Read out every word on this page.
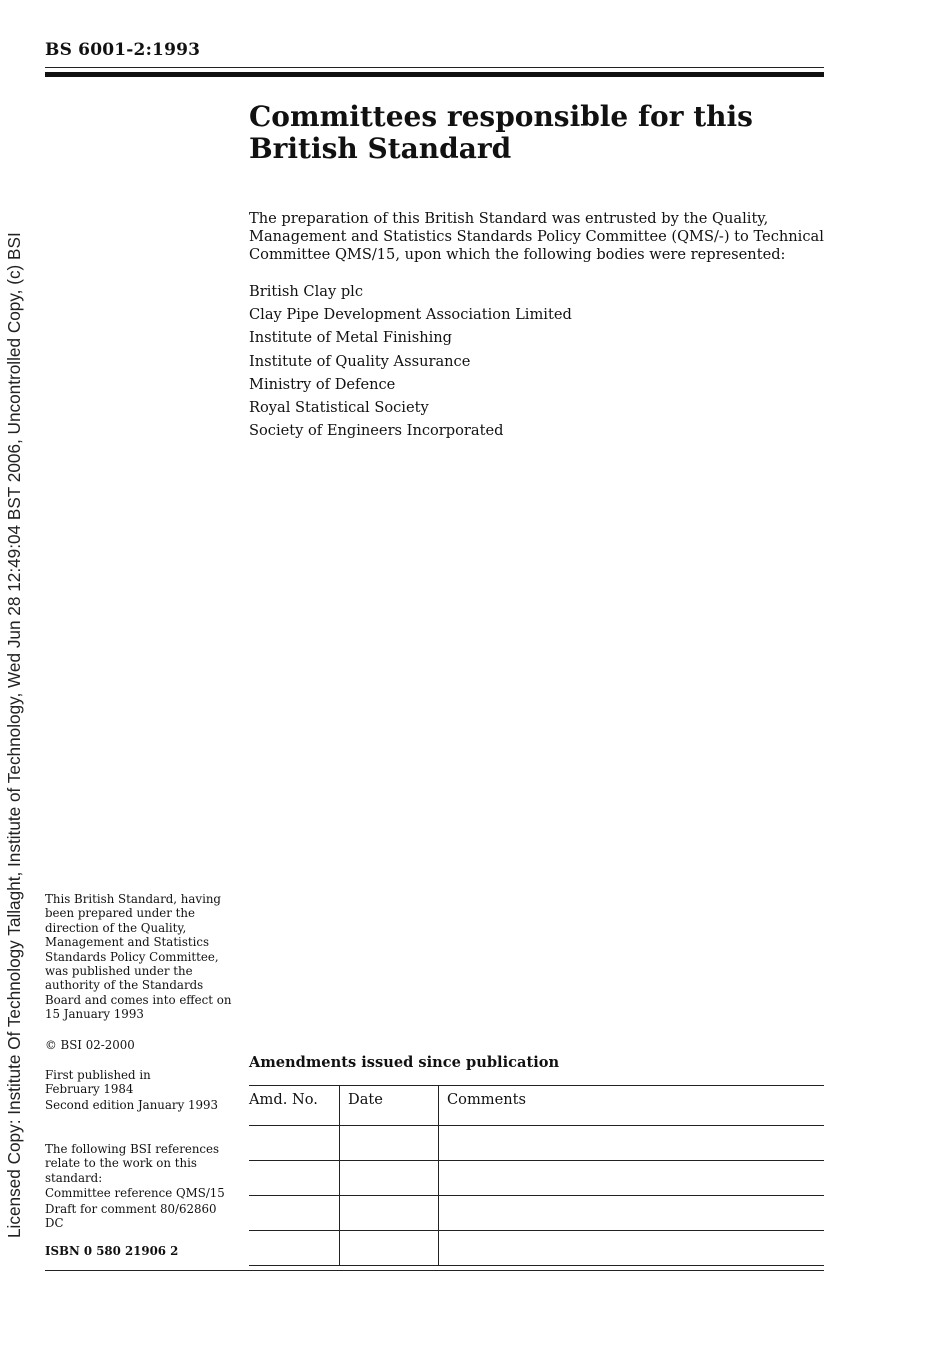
BS 6001-2:1993
Licensed Copy: Institute Of Technology Tallaght, Institute of Technology, Wed Jun 28 12:49:04 BST 2006, Uncontrolled Copy, (c) BSI
Committees responsible for this British Standard

The preparation of this British Standard was entrusted by the Quality, Management and Statistics Standards Policy Committee (QMS/-) to Technical Committee QMS/15, upon which the following bodies were represented:

British Clay plc
Clay Pipe Development Association Limited
Institute of Metal Finishing
Institute of Quality Assurance
Ministry of Defence
Royal Statistical Society
Society of Engineers Incorporated

This British Standard, having been prepared under the direction of the Quality, Management and Statistics Standards Policy Committee, was published under the authority of the Standards Board and comes into effect on 15 January 1993

© BSI 02-2000

First published in February 1984

Second edition January 1993

The following BSI references relate to the work on this standard:

Committee reference QMS/15

Draft for comment 80/62860 DC

ISBN 0 580 21906 2
Amendments issued since publication
Amd. No.	Date	Comments
